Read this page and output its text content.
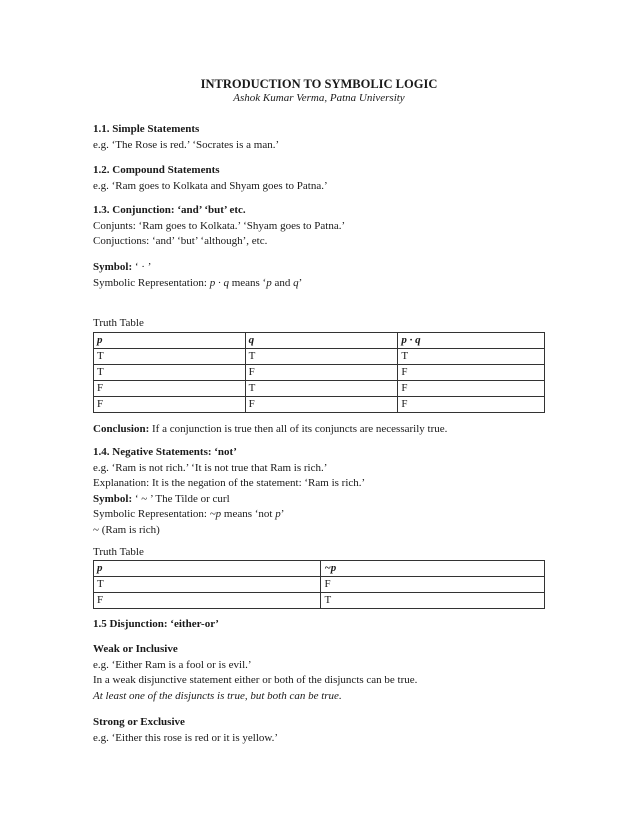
INTRODUCTION TO SYMBOLIC LOGIC
Ashok Kumar Verma, Patna University
1.1. Simple Statements
e.g. ‘The Rose is red.’ ‘Socrates is a man.’
1.2. Compound Statements
e.g. ‘Ram goes to Kolkata and Shyam goes to Patna.’
1.3. Conjunction: ‘and’ ‘but’ etc.
Conjunts: ‘Ram goes to Kolkata.’ ‘Shyam goes to Patna.’
Conjuctions: ‘and’ ‘but’ ‘although’, etc.
Symbol: ‘ · ’
Symbolic Representation: p · q means ‘p and q’
Truth Table
p	q	p · q
T	T	T
T	F	F
F	T	F
F	F	F
Conclusion: If a conjunction is true then all of its conjuncts are necessarily true.
1.4. Negative Statements: ‘not’
e.g. ‘Ram is not rich.’ ‘It is not true that Ram is rich.’
Explanation: It is the negation of the statement: ‘Ram is rich.’
Symbol: ‘ ~ ’ The Tilde or curl
Symbolic Representation: ~p means ‘not p’
~ (Ram is rich)
Truth Table
p	~p
T	F
F	T
1.5 Disjunction: ‘either-or’
Weak or Inclusive
e.g. ‘Either Ram is a fool or is evil.’
In a weak disjunctive statement either or both of the disjuncts can be true.
At least one of the disjuncts is true, but both can be true.
Strong or Exclusive
e.g. ‘Either this rose is red or it is yellow.’
